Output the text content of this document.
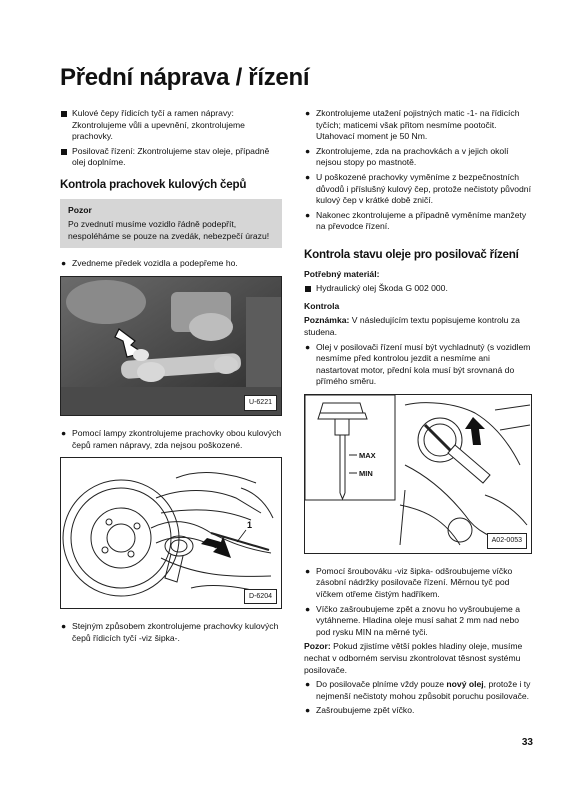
Přední náprava / řízení
Kulové čepy řídicích tyčí a ramen nápravy: Zkontrolujeme vůli a upevnění, zkontrolujeme prachovky.
Posilovač řízení: Zkontrolujeme stav oleje, případně olej doplníme.
Kontrola prachovek kulových čepů
Pozor
Po zvednutí musíme vozidlo řádně podepřít, nespoléháme se pouze na zvedák, nebezpečí úrazu!
● Zvedneme předek vozidla a podepřeme ho.
U-6221
● Pomocí lampy zkontrolujeme prachovky obou kulových čepů ramen nápravy, zda nejsou poškozené.
1
D-6204
● Stejným způsobem zkontrolujeme prachovky kulových čepů řídicích tyčí -viz šipka-.
● Zkontrolujeme utažení pojistných matic -1- na řídicích tyčích; maticemi však přitom nesmíme pootočit. Utahovací moment je 50 Nm.
● Zkontrolujeme, zda na prachovkách a v jejich okolí nejsou stopy po mastnotě.
● U poškozené prachovky vyměníme z bezpečnostních důvodů i příslušný kulový čep, protože nečistoty původní kulový čep v krátké době zničí.
● Nakonec zkontrolujeme a případně vyměníme manžety na převodce řízení.
Kontrola stavu oleje pro posilovač řízení
Potřebný materiál:
Hydraulický olej Škoda G 002 000.
Kontrola
Poznámka: V následujícím textu popisujeme kontrolu za studena.
● Olej v posilovači řízení musí být vychladnutý (s vozidlem nesmíme před kontrolou jezdit a nesmíme ani nastartovat motor, přední kola musí být srovnaná do přímého směru.
MAX
MIN
A02-0053
● Pomocí šroubováku -viz šipka- odšroubujeme víčko zásobní nádržky posilovače řízení. Měrnou tyč pod víčkem otřeme čistým hadříkem.
● Víčko zašroubujeme zpět a znovu ho vyšroubujeme a vytáhneme. Hladina oleje musí sahat 2 mm nad nebo pod rysku MIN na měrné tyči.
Pozor: Pokud zjistíme větší pokles hladiny oleje, musíme nechat v odborném servisu zkontrolovat těsnost systému posilovače.
● Do posilovače plníme vždy pouze nový olej, protože i ty nejmenší nečistoty mohou způsobit poruchu posilovače.
● Zašroubujeme zpět víčko.
33
